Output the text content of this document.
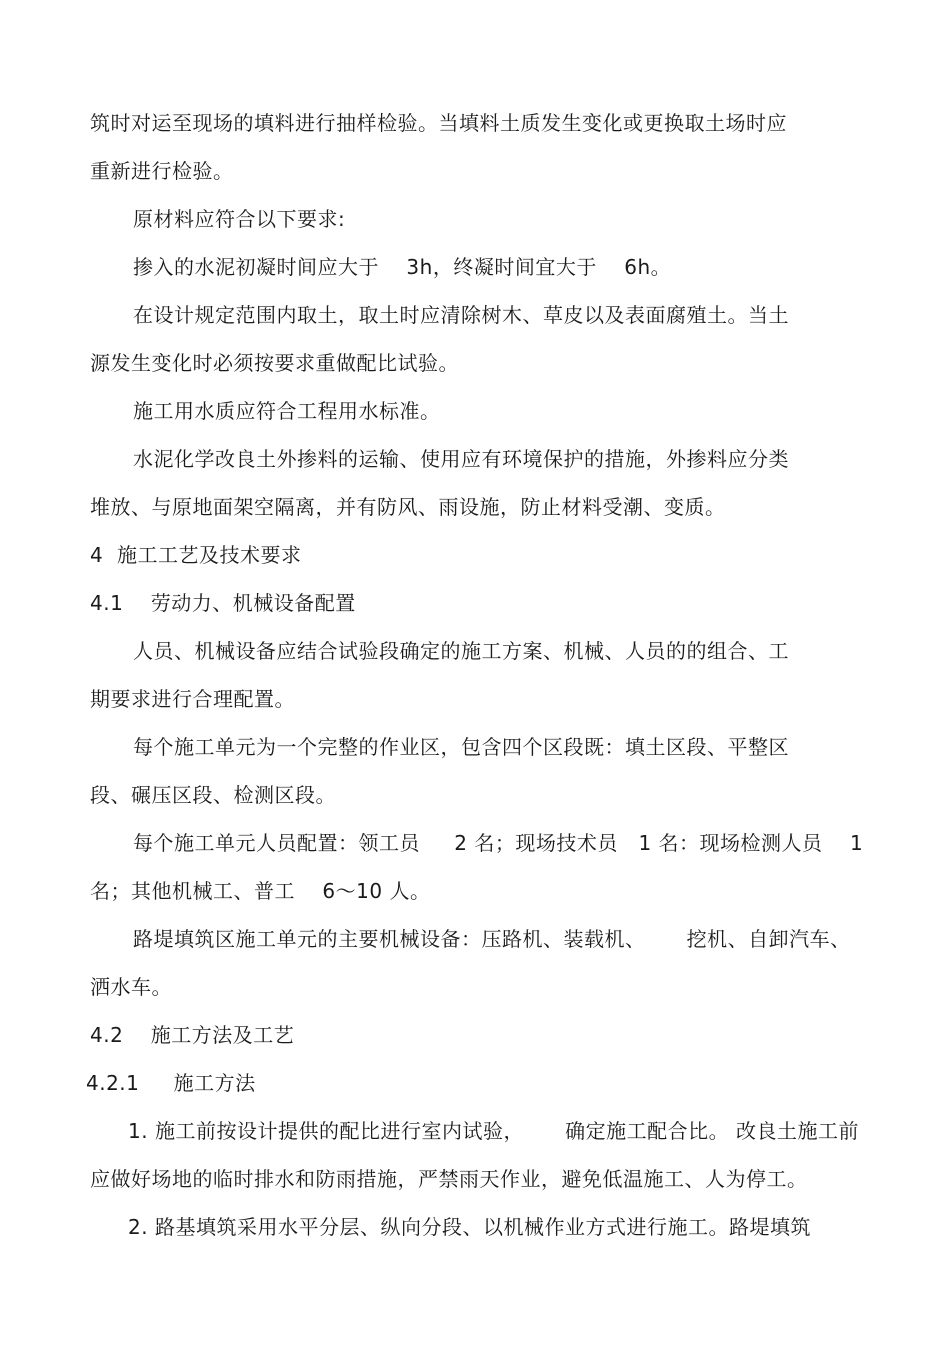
筑时对运至现场的填料进行抽样检验。当填料土质发生变化或更换取土场时应

重新进行检验。

原材料应符合以下要求:

掺入的水泥初凝时间应大于    3h，终凝时间宜大于    6h。

在设计规定范围内取土，取土时应清除树木、草皮以及表面腐殖土。当土

源发生变化时必须按要求重做配比试验。

施工用水质应符合工程用水标准。

水泥化学改良土外掺料的运输、使用应有环境保护的措施，外掺料应分类

堆放、与原地面架空隔离，并有防风、雨设施，防止材料受潮、变质。

4  施工工艺及技术要求

4.1    劳动力、机械设备配置

人员、机械设备应结合试验段确定的施工方案、机械、人员的的组合、工

期要求进行合理配置。

每个施工单元为一个完整的作业区，包含四个区段既：填土区段、平整区

段、碾压区段、检测区段。

每个施工单元人员配置：领工员     2 名；现场技术员   1 名：现场检测人员    1

名；其他机械工、普工    6～10 人。

路堤填筑区施工单元的主要机械设备：压路机、装载机、      挖机、自卸汽车、

洒水车。

4.2    施工方法及工艺

4.2.1     施工方法

1. 施工前按设计提供的配比进行室内试验，      确定施工配合比。 改良土施工前

应做好场地的临时排水和防雨措施，严禁雨天作业，避免低温施工、人为停工。

2. 路基填筑采用水平分层、纵向分段、以机械作业方式进行施工。路堤填筑
